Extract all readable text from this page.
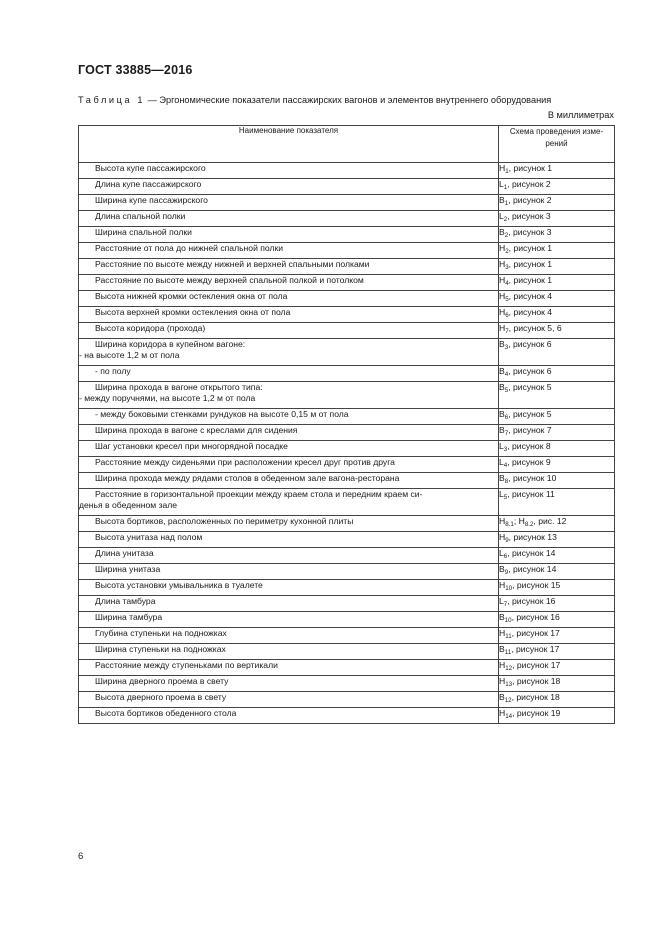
ГОСТ 33885—2016
Таблица 1 — Эргономические показатели пассажирских вагонов и элементов внутреннего оборудования
В миллиметрах
Наименование показателя	Схема проведения изме-рений

Высота купе пассажирского	$H_1$, рисунок 1

Длина купе пассажирского	$L_1$, рисунок 2

Ширина купе пассажирского	$B_1$, рисунок 2

Длина спальной полки	$L_2$, рисунок 3

Ширина спальной полки	$B_2$, рисунок 3

Расстояние от пола до нижней спальной полки	$H_2$, рисунок 1

Расстояние по высоте между нижней и верхней спальными полками	$H_3$, рисунок 1

Расстояние по высоте между верхней спальной полкой и потолком	$H_4$, рисунок 1

Высота нижней кромки остекления окна от пола	$H_5$, рисунок 4

Высота верхней кромки остекления окна от пола	$H_6$, рисунок 4

Высота коридора (прохода)	$H_7$, рисунок 5, 6

Ширина коридора в купейном вагоне:
- на высоте 1,2 м от пола	$B_3$, рисунок 6

- по полу	$B_4$, рисунок 6

Ширина прохода в вагоне открытого типа:
- между поручнями, на высоте 1,2 м от пола	$B_5$, рисунок 5

- между боковыми стенками рундуков на высоте 0,15 м от пола	$B_6$, рисунок 5

Ширина прохода в вагоне с креслами для сидения	$B_7$, рисунок 7

Шаг установки кресел при многорядной посадке	$L_3$, рисунок 8

Расстояние между сиденьями при расположении кресел друг против друга	$L_4$, рисунок 9

Ширина прохода между рядами столов в обеденном зале вагона-ресторана	$B_8$, рисунок 10

Расстояние в горизонтальной проекции между краем стола и передним краем си-
денья в обеденном зале	$L_5$, рисунок 11

Высота бортиков, расположенных по периметру кухонной плиты	$H_{8.1}$; $H_{8.2}$, рис. 12

Высота унитаза над полом	$H_9$, рисунок 13

Длина унитаза	$L_6$, рисунок 14

Ширина унитаза	$B_9$, рисунок 14

Высота установки умывальника в туалете	$H_{10}$, рисунок 15

Длина тамбура	$L_7$, рисунок 16

Ширина тамбура	$B_{10}$, рисунок 16

Глубина ступеньки на подножках	$H_{11}$, рисунок 17

Ширина ступеньки на подножках	$B_{11}$, рисунок 17

Расстояние между ступеньками по вертикали	$H_{12}$, рисунок 17

Ширина дверного проема в свету	$H_{13}$, рисунок 18

Высота дверного проема в свету	$B_{12}$, рисунок 18

Высота бортиков обеденного стола	$H_{14}$, рисунок 19
6
